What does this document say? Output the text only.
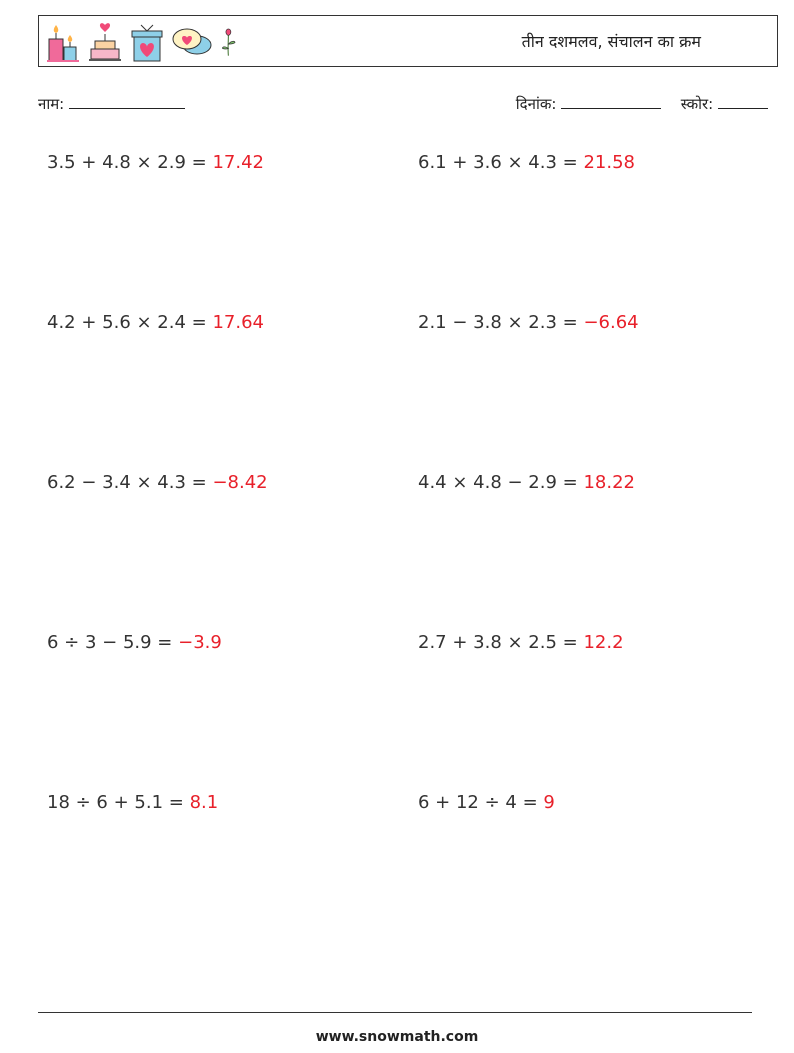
तीन दशमलव, संचालन का क्रम
नाम:	दिनांक:	स्कोर:
3.5 + 4.8 × 2.9 = 17.42	6.1 + 3.6 × 4.3 = 21.58
4.2 + 5.6 × 2.4 = 17.64	2.1 − 3.8 × 2.3 = −6.64
6.2 − 3.4 × 4.3 = −8.42	4.4 × 4.8 − 2.9 = 18.22
6 ÷ 3 − 5.9 = −3.9	2.7 + 3.8 × 2.5 = 12.2
18 ÷ 6 + 5.1 = 8.1	6 + 12 ÷ 4 = 9
www.snowmath.com
